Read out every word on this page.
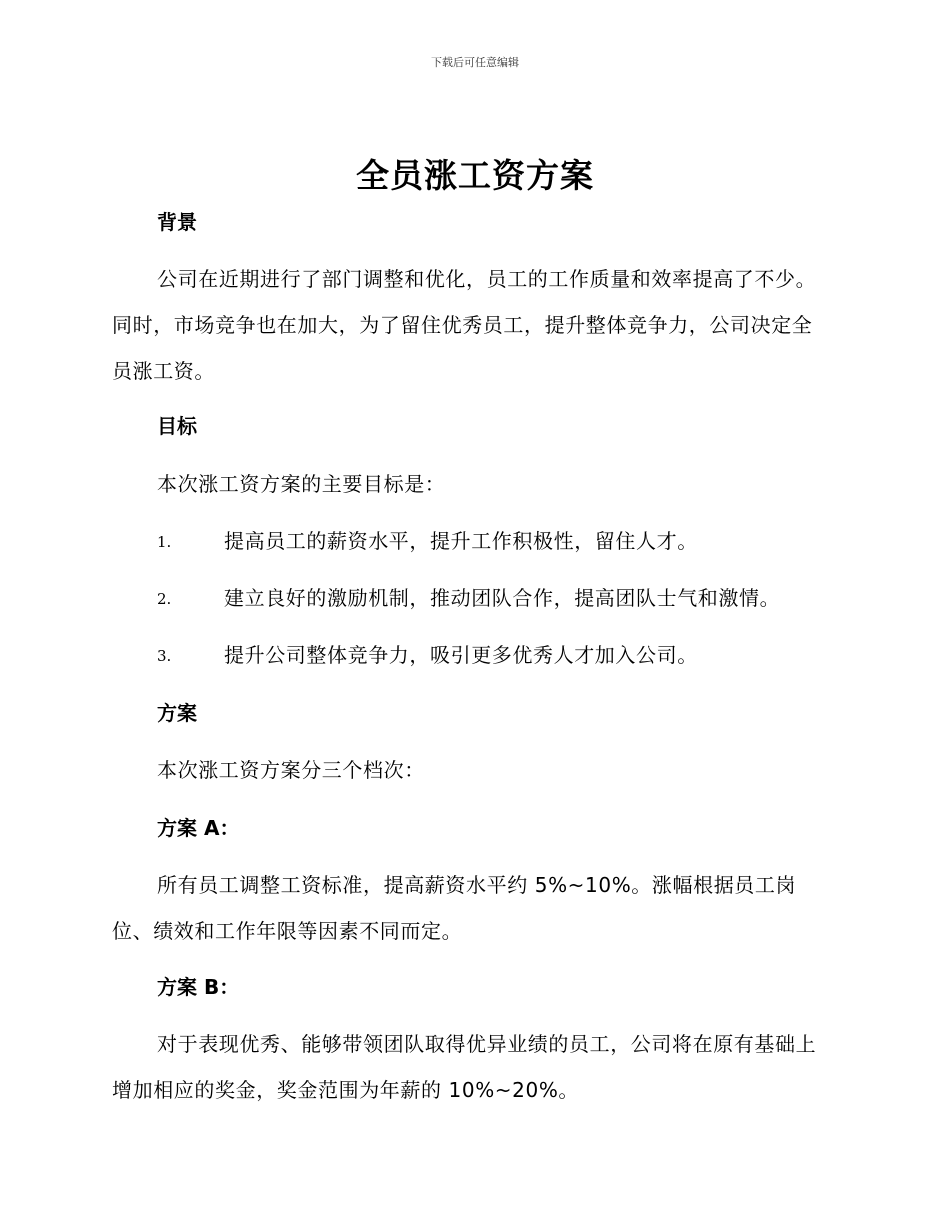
下载后可任意编辑
全员涨工资方案
背景
公司在近期进行了部门调整和优化，员工的工作质量和效率提高了不少。同时，市场竞争也在加大，为了留住优秀员工，提升整体竞争力，公司决定全员涨工资。
目标
本次涨工资方案的主要目标是：
1.	提高员工的薪资水平，提升工作积极性，留住人才。
2.	建立良好的激励机制，推动团队合作，提高团队士气和激情。
3.	提升公司整体竞争力，吸引更多优秀人才加入公司。
方案
本次涨工资方案分三个档次：
方案 A：
所有员工调整工资标准，提高薪资水平约 5%~10%。涨幅根据员工岗位、绩效和工作年限等因素不同而定。
方案 B：
对于表现优秀、能够带领团队取得优异业绩的员工，公司将在原有基础上增加相应的奖金，奖金范围为年薪的 10%~20%。
